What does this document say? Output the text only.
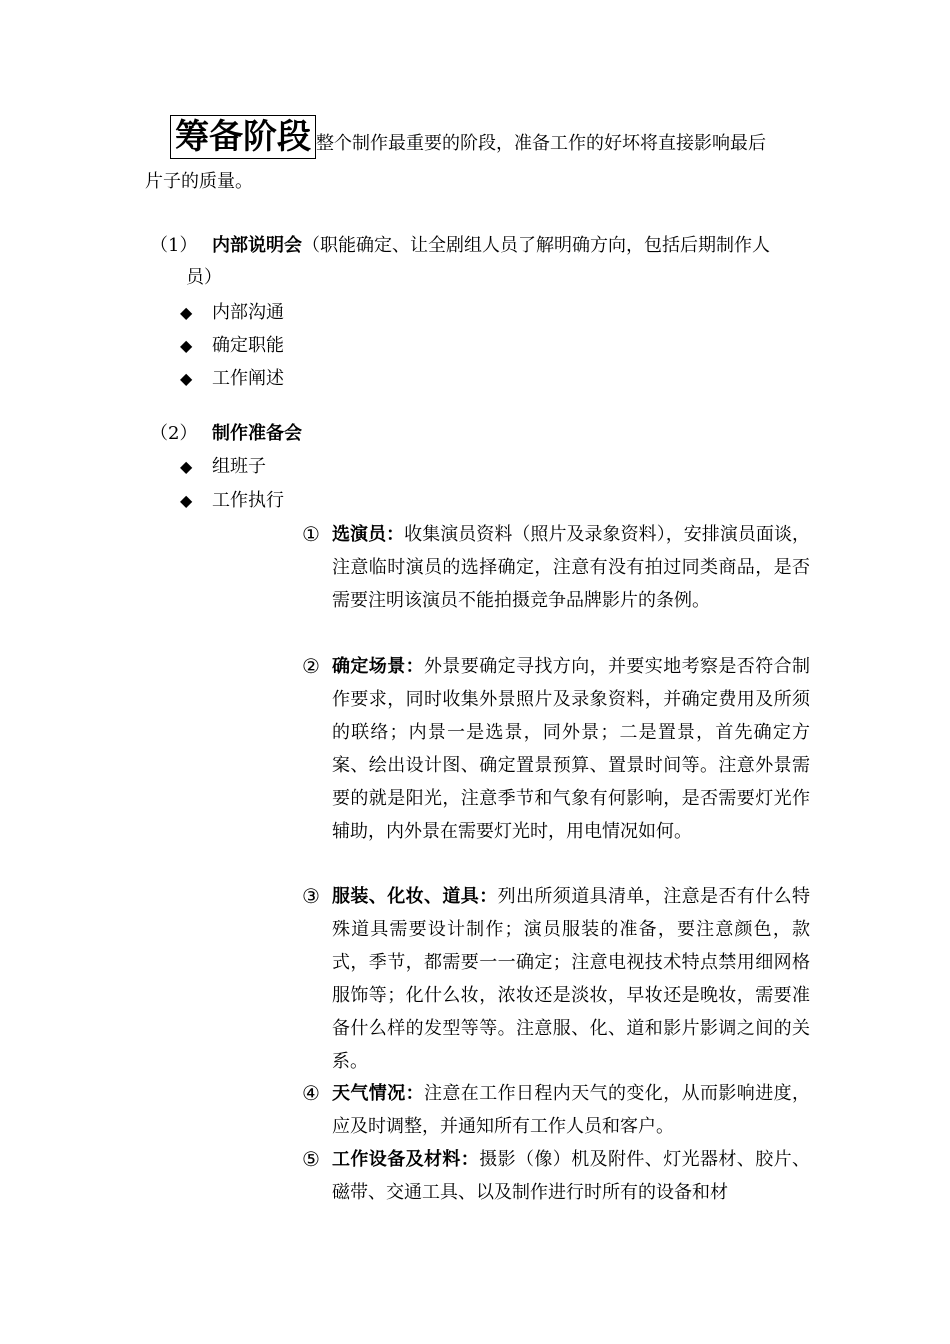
筹备阶段 整个制作最重要的阶段，准备工作的好坏将直接影响最后
片子的质量。
（1） 内部说明会（职能确定、让全剧组人员了解明确方向，包括后期制作人
员）
◆ 内部沟通
◆ 确定职能
◆ 工作阐述
（2） 制作准备会
◆ 组班子
◆ 工作执行
① 选演员：收集演员资料（照片及录象资料），安排演员面谈，注意临时演员的选择确定，注意有没有拍过同类商品，是否需要注明该演员不能拍摄竞争品牌影片的条例。
② 确定场景：外景要确定寻找方向，并要实地考察是否符合制作要求，同时收集外景照片及录象资料，并确定费用及所须的联络；内景一是选景，同外景；二是置景，首先确定方案、绘出设计图、确定置景预算、置景时间等。注意外景需要的就是阳光，注意季节和气象有何影响，是否需要灯光作辅助，内外景在需要灯光时，用电情况如何。
③ 服装、化妆、道具：列出所须道具清单，注意是否有什么特殊道具需要设计制作；演员服装的准备，要注意颜色，款式，季节，都需要一一确定；注意电视技术特点禁用细网格服饰等；化什么妆，浓妆还是淡妆，早妆还是晚妆，需要准备什么样的发型等等。注意服、化、道和影片影调之间的关系。
④ 天气情况：注意在工作日程内天气的变化，从而影响进度，应及时调整，并通知所有工作人员和客户。
⑤ 工作设备及材料：摄影（像）机及附件、灯光器材、胶片、磁带、交通工具、以及制作进行时所有的设备和材
